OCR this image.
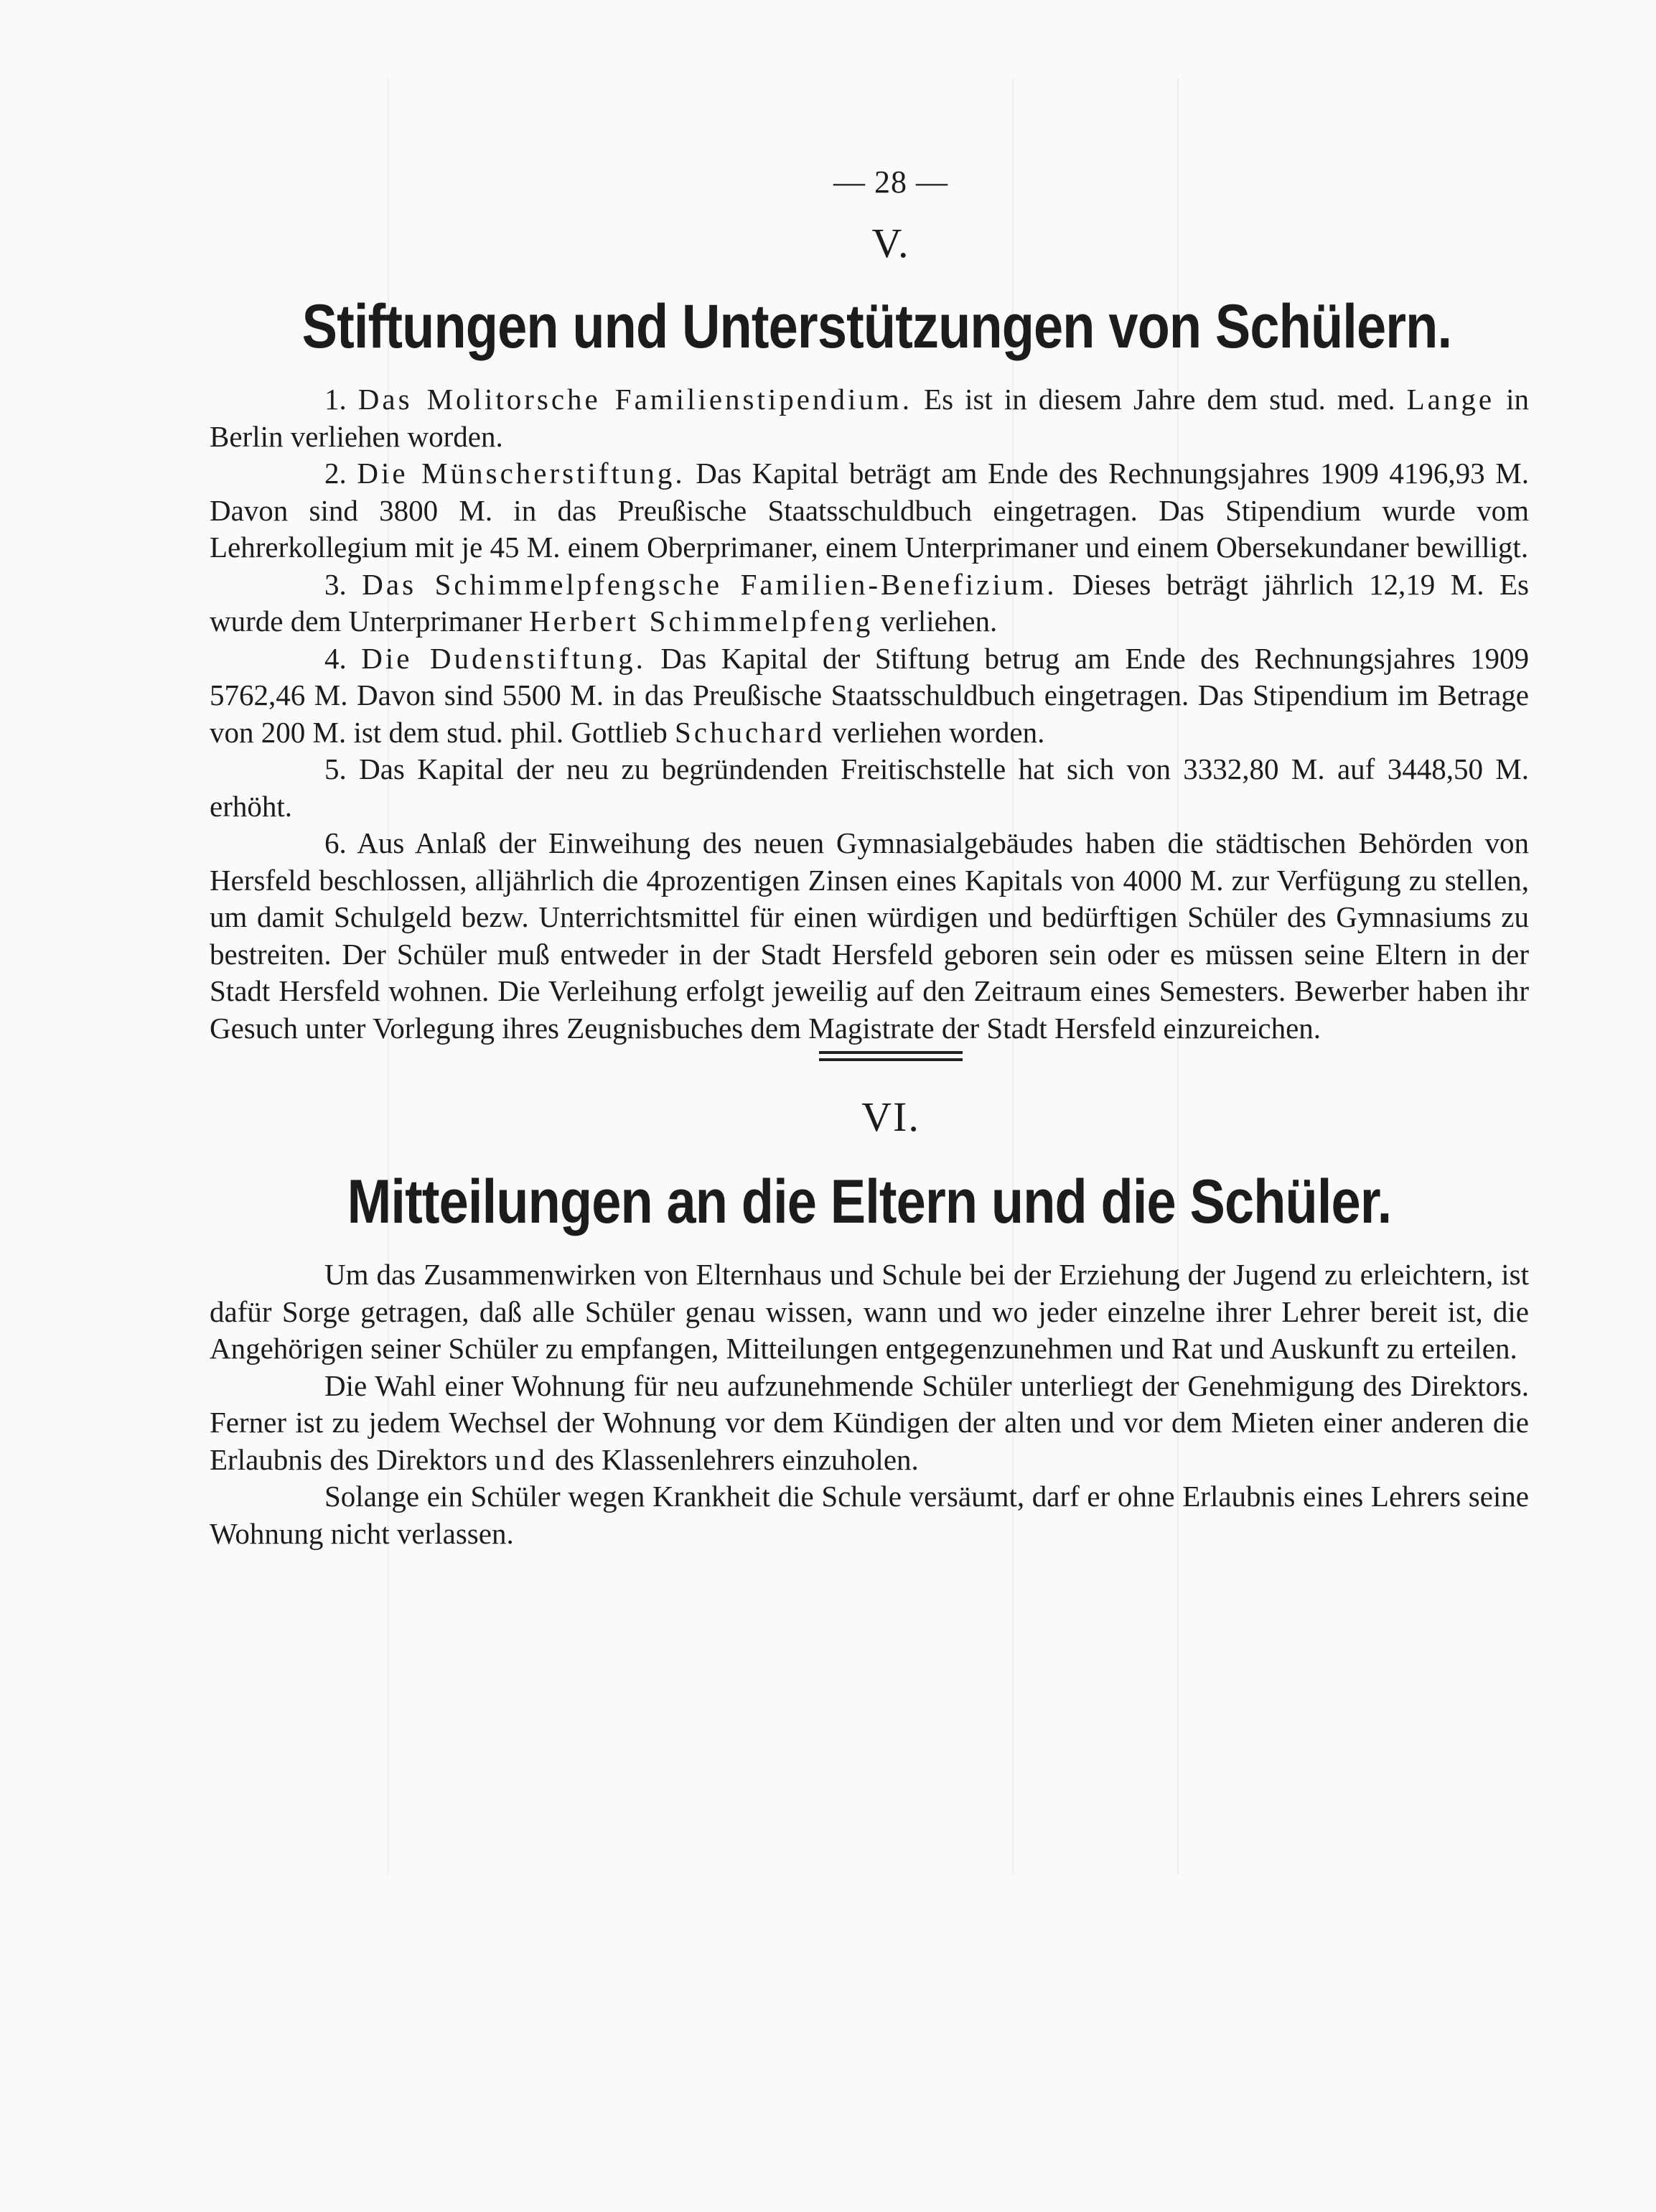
— 28 —
V.
Stiftungen und Unterstützungen von Schülern.

1. Das Molitorsche Familienstipendium. Es ist in diesem Jahre dem stud. med. Lange in Berlin verliehen worden.

2. Die Münscherstiftung. Das Kapital beträgt am Ende des Rechnungsjahres 1909 4196,93 M. Davon sind 3800 M. in das Preußische Staatsschuldbuch eingetragen. Das Stipendium wurde vom Lehrerkollegium mit je 45 M. einem Oberprimaner, einem Unterprimaner und einem Obersekundaner bewilligt.

3. Das Schimmelpfengsche Familien-Benefizium. Dieses beträgt jährlich 12,19 M. Es wurde dem Unterprimaner Herbert Schimmelpfeng verliehen.

4. Die Dudenstiftung. Das Kapital der Stiftung betrug am Ende des Rechnungsjahres 1909 5762,46 M. Davon sind 5500 M. in das Preußische Staatsschuldbuch eingetragen. Das Stipendium im Betrage von 200 M. ist dem stud. phil. Gottlieb Schuchard verliehen worden.

5. Das Kapital der neu zu begründenden Freitischstelle hat sich von 3332,80 M. auf 3448,50 M. erhöht.

6. Aus Anlaß der Einweihung des neuen Gymnasialgebäudes haben die städtischen Behörden von Hersfeld beschlossen, alljährlich die 4prozentigen Zinsen eines Kapitals von 4000 M. zur Verfügung zu stellen, um damit Schulgeld bezw. Unterrichtsmittel für einen würdigen und bedürftigen Schüler des Gymnasiums zu bestreiten. Der Schüler muß entweder in der Stadt Hersfeld geboren sein oder es müssen seine Eltern in der Stadt Hersfeld wohnen. Die Verleihung erfolgt jeweilig auf den Zeitraum eines Semesters. Bewerber haben ihr Gesuch unter Vorlegung ihres Zeugnisbuches dem Magistrate der Stadt Hersfeld einzureichen.

VI.
Mitteilungen an die Eltern und die Schüler.

Um das Zusammenwirken von Elternhaus und Schule bei der Erziehung der Jugend zu erleichtern, ist dafür Sorge getragen, daß alle Schüler genau wissen, wann und wo jeder einzelne ihrer Lehrer bereit ist, die Angehörigen seiner Schüler zu empfangen, Mitteilungen entgegenzunehmen und Rat und Auskunft zu erteilen.

Die Wahl einer Wohnung für neu aufzunehmende Schüler unterliegt der Genehmigung des Direktors. Ferner ist zu jedem Wechsel der Wohnung vor dem Kündigen der alten und vor dem Mieten einer anderen die Erlaubnis des Direktors und des Klassenlehrers einzuholen.

Solange ein Schüler wegen Krankheit die Schule versäumt, darf er ohne Erlaubnis eines Lehrers seine Wohnung nicht verlassen.
